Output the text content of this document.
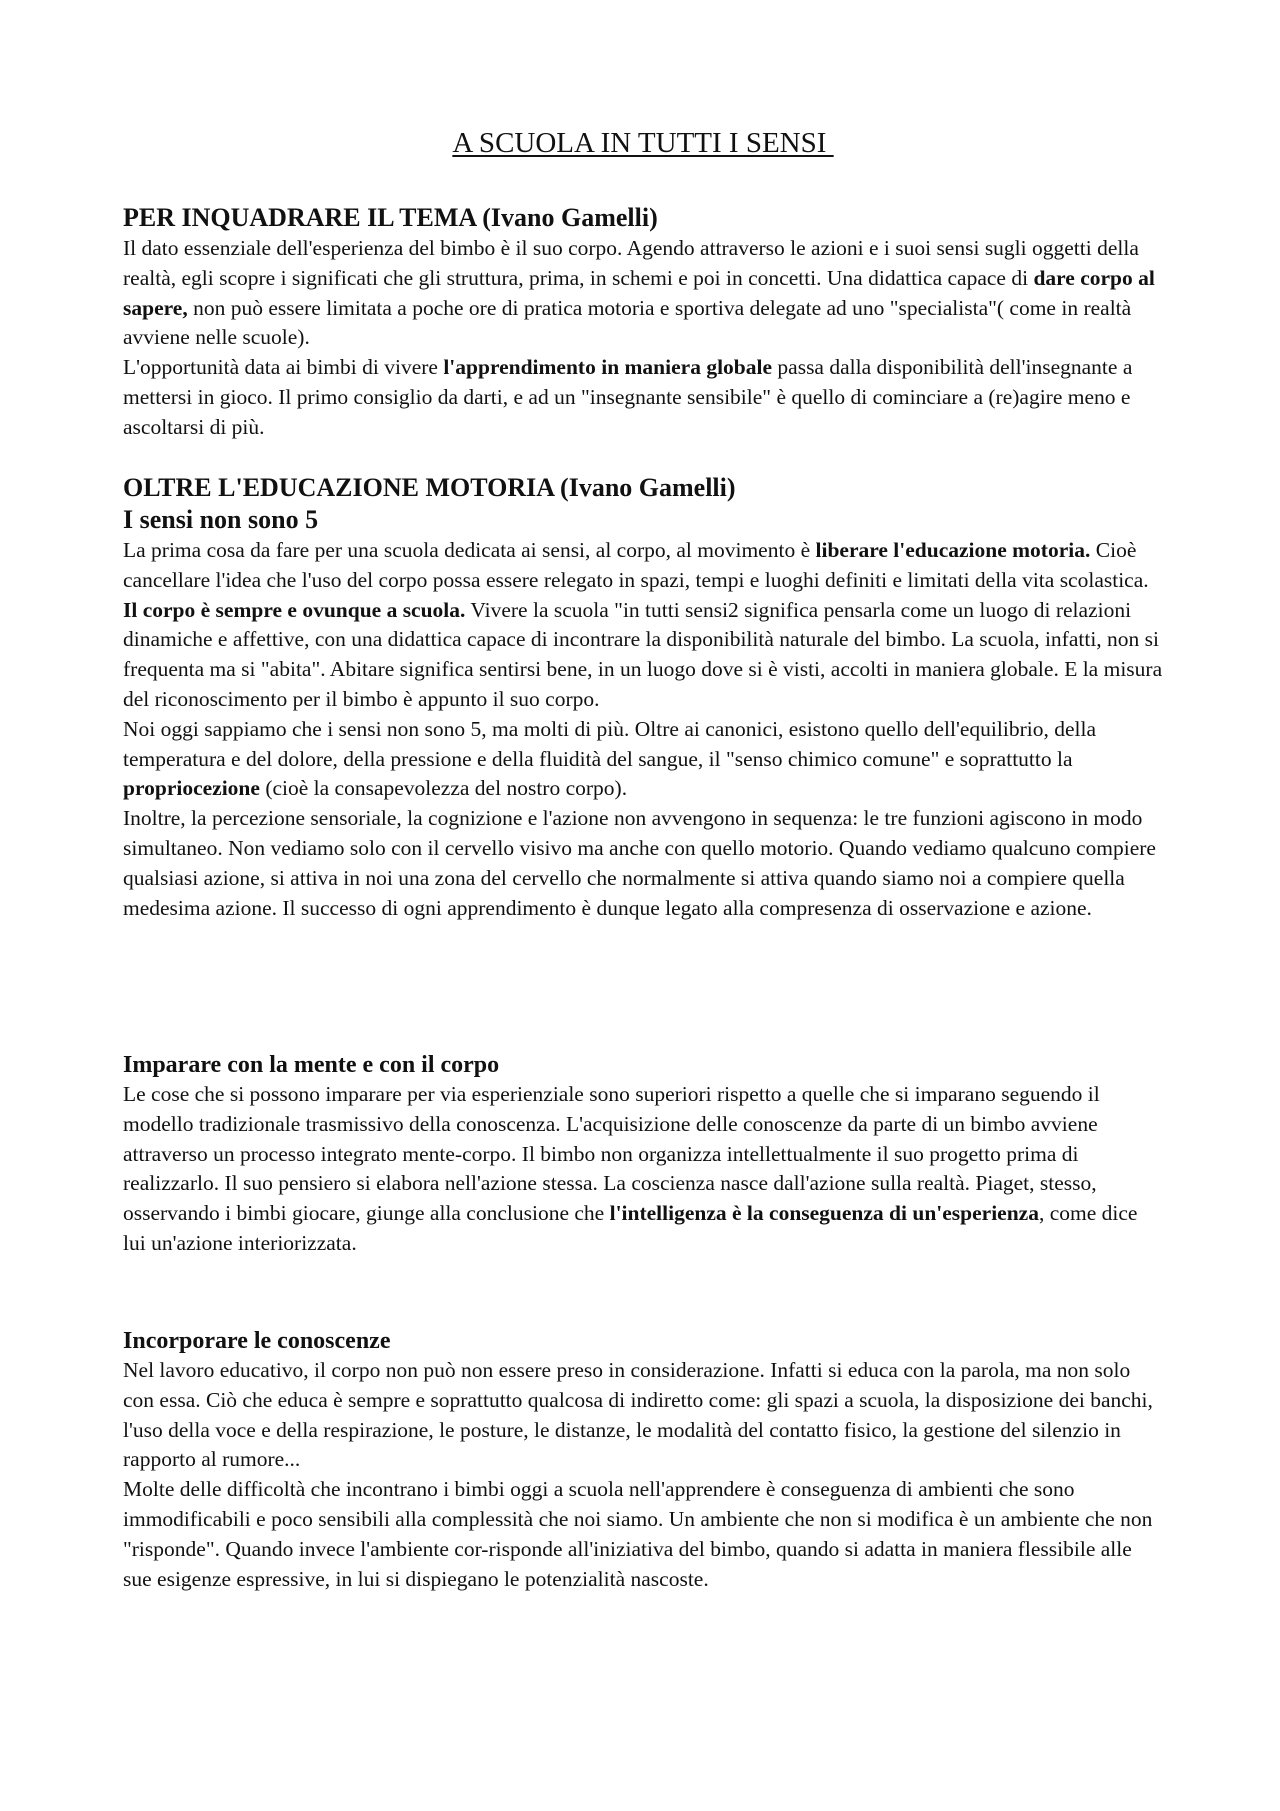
A SCUOLA IN TUTTI I SENSI
PER INQUADRARE IL TEMA (Ivano Gamelli)

Il dato essenziale dell'esperienza del bimbo è il suo corpo. Agendo attraverso le azioni e i suoi sensi sugli oggetti della realtà, egli scopre i significati che gli struttura, prima, in schemi e poi in concetti. Una didattica capace di dare corpo al sapere, non può essere limitata a poche ore di pratica motoria e sportiva delegate ad uno "specialista"( come in realtà avviene nelle scuole).

L'opportunità data ai bimbi di vivere l'apprendimento in maniera globale passa dalla disponibilità dell'insegnante a mettersi in gioco. Il primo consiglio da darti, e ad un "insegnante sensibile" è quello di cominciare a (re)agire meno e ascoltarsi di più.

OLTRE L'EDUCAZIONE MOTORIA (Ivano Gamelli)
I sensi non sono 5

La prima cosa da fare per una scuola dedicata ai sensi, al corpo, al movimento è liberare l'educazione motoria. Cioè cancellare l'idea che l'uso del corpo possa essere relegato in spazi, tempi e luoghi definiti e limitati della vita scolastica.

Il corpo è sempre e ovunque a scuola. Vivere la scuola "in tutti sensi2 significa pensarla come un luogo di relazioni dinamiche e affettive, con una didattica capace di incontrare la disponibilità naturale del bimbo. La scuola, infatti, non si frequenta ma si "abita". Abitare significa sentirsi bene, in un luogo dove si è visti, accolti in maniera globale. E la misura del riconoscimento per il bimbo è appunto il suo corpo.

Noi oggi sappiamo che i sensi non sono 5, ma molti di più. Oltre ai canonici, esistono quello dell'equilibrio, della temperatura e del dolore, della pressione e della fluidità del sangue, il "senso chimico comune" e soprattutto la propriocezione (cioè la consapevolezza del nostro corpo).

Inoltre, la percezione sensoriale, la cognizione e l'azione non avvengono in sequenza: le tre funzioni agiscono in modo simultaneo. Non vediamo solo con il cervello visivo ma anche con quello motorio. Quando vediamo qualcuno compiere qualsiasi azione, si attiva in noi una zona del cervello che normalmente si attiva quando siamo noi a compiere quella medesima azione. Il successo di ogni apprendimento è dunque legato alla compresenza di osservazione e azione.

Imparare con la mente e con il corpo

Le cose che si possono imparare per via esperienziale sono superiori rispetto a quelle che si imparano seguendo il modello tradizionale trasmissivo della conoscenza. L'acquisizione delle conoscenze da parte di un bimbo avviene attraverso un processo integrato mente-corpo. Il bimbo non organizza intellettualmente il suo progetto prima di realizzarlo. Il suo pensiero si elabora nell'azione stessa. La coscienza nasce dall'azione sulla realtà. Piaget, stesso, osservando i bimbi giocare, giunge alla conclusione che l'intelligenza è la conseguenza di un'esperienza, come dice lui un'azione interiorizzata.

Incorporare le conoscenze

Nel lavoro educativo, il corpo non può non essere preso in considerazione. Infatti si educa con la parola, ma non solo con essa. Ciò che educa è sempre e soprattutto qualcosa di indiretto come: gli spazi a scuola, la disposizione dei banchi, l'uso della voce e della respirazione, le posture, le distanze, le modalità del contatto fisico, la gestione del silenzio in rapporto al rumore...

Molte delle difficoltà che incontrano i bimbi oggi a scuola nell'apprendere è conseguenza di ambienti che sono immodificabili e poco sensibili alla complessità che noi siamo. Un ambiente che non si modifica è un ambiente che non "risponde". Quando invece l'ambiente cor-risponde all'iniziativa del bimbo, quando si adatta in maniera flessibile alle sue esigenze espressive, in lui si dispiegano le potenzialità nascoste.
